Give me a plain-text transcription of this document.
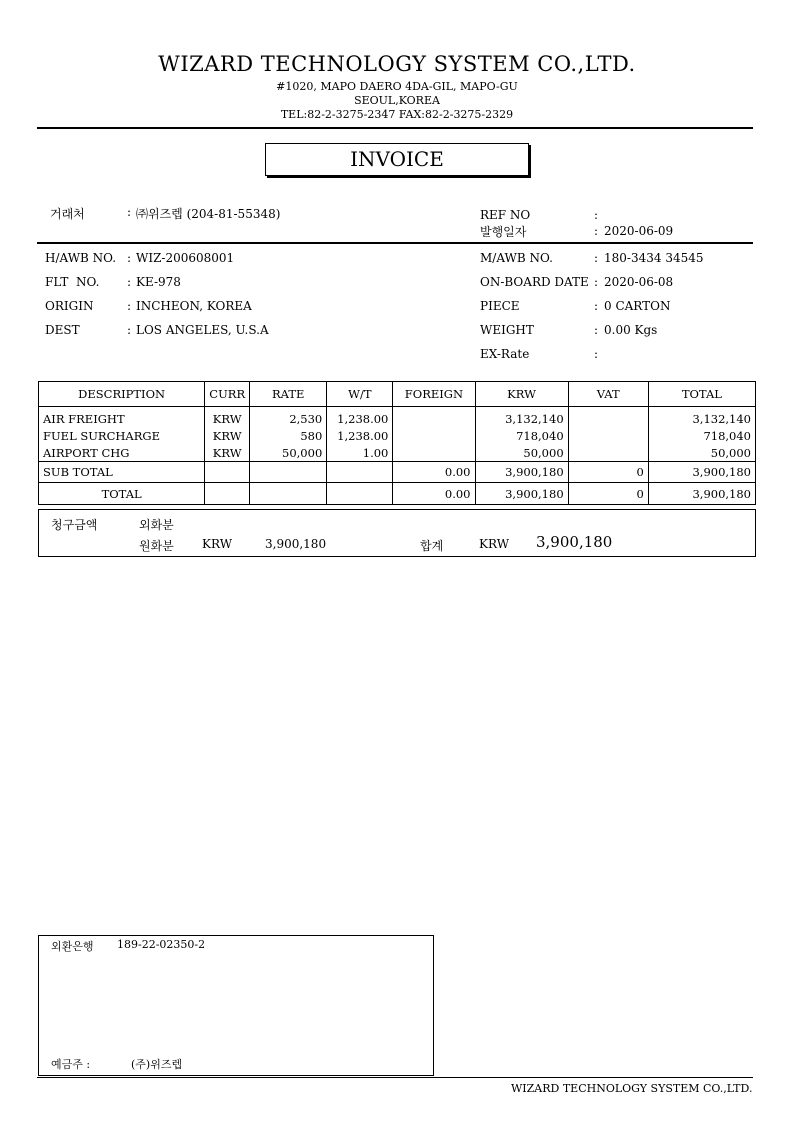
WIZARD TECHNOLOGY SYSTEM CO.,LTD.
#1020, MAPO DAERO 4DA-GIL, MAPO-GU
SEOUL,KOREA
TEL:82-2-3275-2347 FAX:82-2-3275-2329
INVOICE
거래처	: ㈜위즈렙 (204-81-55348)	REF NO	:
발행일자	: 2020-06-09
H/AWB NO. : WIZ-200608001
FLT  NO. : KE-978
ORIGIN	: INCHEON, KOREA
DEST	: LOS ANGELES, U.S.A
M/AWB NO.	: 180-3434 34545
ON-BOARD DATE : 2020-06-08
PIECE	: 0 CARTON
WEIGHT	: 0.00 Kgs
EX-Rate	:
DESCRIPTION	CURR	RATE	W/T	FOREIGN	KRW	VAT	TOTAL
AIR FREIGHT	KRW	2,530	1,238.00		3,132,140		3,132,140
FUEL SURCHARGE	KRW	580	1,238.00		718,040		718,040
AIRPORT CHG	KRW	50,000	1.00		50,000		50,000
SUB TOTAL				0.00	3,900,180	0	3,900,180
TOTAL				0.00	3,900,180	0	3,900,180
청구금액	외화분
원화분 KRW	3,900,180	합계	KRW 3,900,180
외환은행 189-22-02350-2
예금주 :	(주)위즈렙
WIZARD TECHNOLOGY SYSTEM CO.,LTD.
